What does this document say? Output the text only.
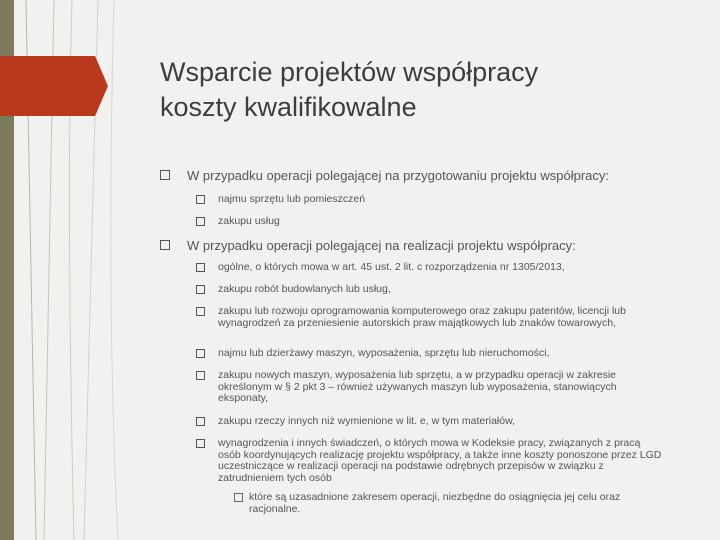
Wsparcie projektów współpracy
koszty kwalifikowalne
W przypadku operacji polegającej na przygotowaniu projektu współpracy:
najmu sprzętu lub pomieszczeń
zakupu usług
W przypadku operacji polegającej na realizacji projektu współpracy:
ogólne, o których mowa w art. 45 ust. 2 lit. c rozporządzenia nr 1305/2013,
zakupu robót budowlanych lub usług,
zakupu lub rozwoju oprogramowania komputerowego oraz zakupu patentów, licencji lub wynagrodzeń za przeniesienie autorskich praw majątkowych lub znaków towarowych,
najmu lub dzierżawy maszyn, wyposażenia, sprzętu lub nieruchomości,
zakupu nowych maszyn, wyposażenia lub sprzętu, a w przypadku operacji w zakresie określonym w § 2 pkt 3 – również używanych maszyn lub wyposażenia, stanowiących eksponaty,
zakupu rzeczy innych niż wymienione w lit. e, w tym materiałów,
wynagrodzenia i innych świadczeń, o których mowa w Kodeksie pracy, związanych z pracą osób koordynujących realizację projektu współpracy, a także inne koszty ponoszone przez LGD uczestniczące w realizacji operacji na podstawie odrębnych przepisów w związku z zatrudnieniem tych osób
które są uzasadnione zakresem operacji, niezbędne do osiągnięcia jej celu oraz racjonalne.
